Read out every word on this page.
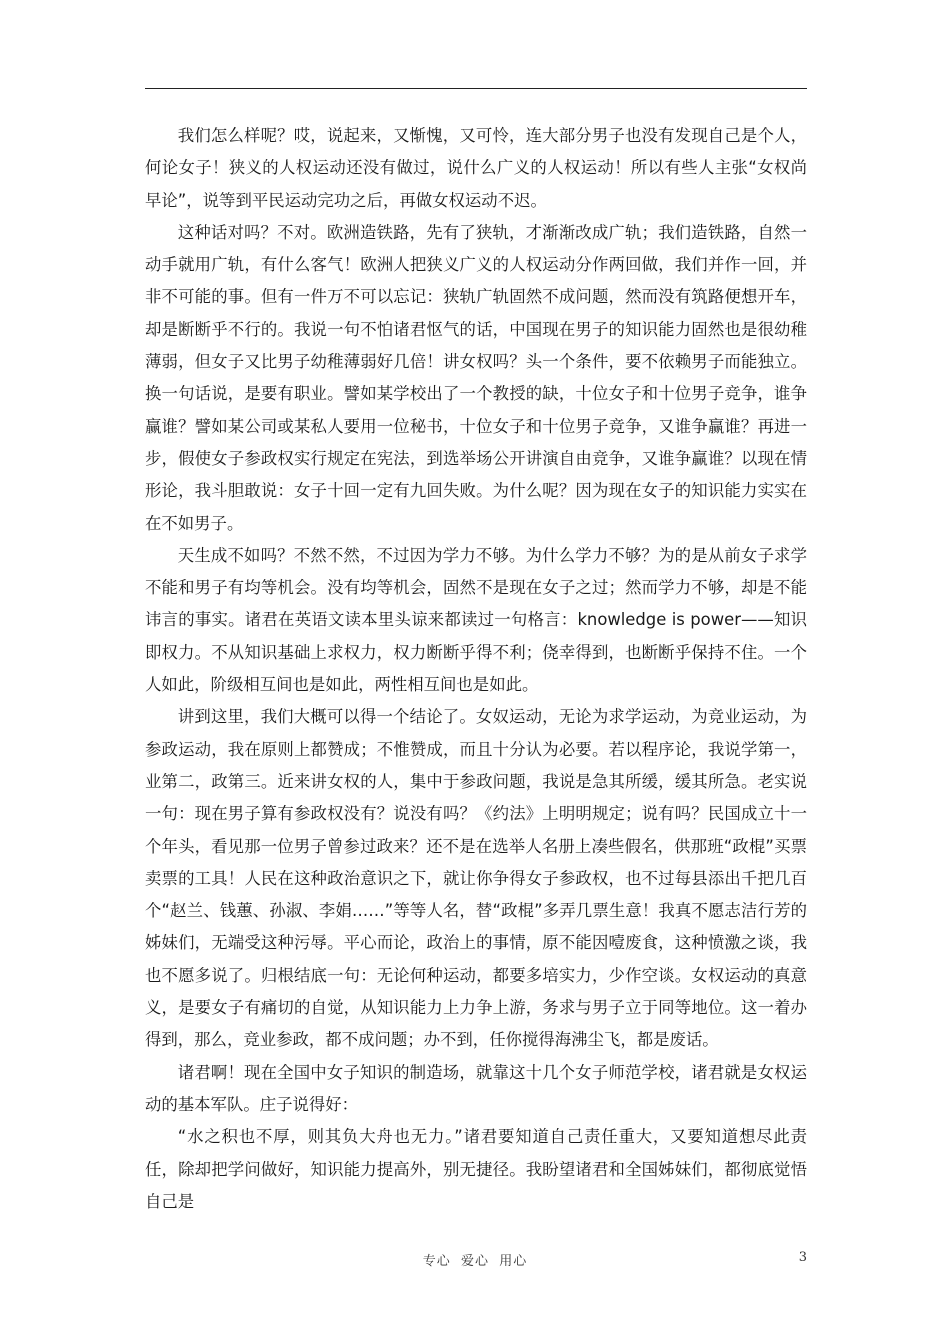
我们怎么样呢？哎，说起来，又惭愧，又可怜，连大部分男子也没有发现自己是个人，何论女子！狭义的人权运动还没有做过，说什么广义的人权运动！所以有些人主张“女权尚早论”，说等到平民运动完功之后，再做女权运动不迟。

这种话对吗？不对。欧洲造铁路，先有了狭轨，才渐渐改成广轨；我们造铁路，自然一动手就用广轨，有什么客气！欧洲人把狭义广义的人权运动分作两回做，我们并作一回，并非不可能的事。但有一件万不可以忘记：狭轨广轨固然不成问题，然而没有筑路便想开车，却是断断乎不行的。我说一句不怕诸君怄气的话，中国现在男子的知识能力固然也是很幼稚薄弱，但女子又比男子幼稚薄弱好几倍！讲女权吗？头一个条件，要不依赖男子而能独立。换一句话说，是要有职业。譬如某学校出了一个教授的缺，十位女子和十位男子竞争，谁争赢谁？譬如某公司或某私人要用一位秘书，十位女子和十位男子竞争，又谁争赢谁？再进一步，假使女子参政权实行规定在宪法，到选举场公开讲演自由竞争，又谁争赢谁？以现在情形论，我斗胆敢说：女子十回一定有九回失败。为什么呢？因为现在女子的知识能力实实在在不如男子。

天生成不如吗？不然不然，不过因为学力不够。为什么学力不够？为的是从前女子求学不能和男子有均等机会。没有均等机会，固然不是现在女子之过；然而学力不够，却是不能讳言的事实。诸君在英语文读本里头谅来都读过一句格言：knowledge is power——知识即权力。不从知识基础上求权力，权力断断乎得不利；侥幸得到，也断断乎保持不住。一个人如此，阶级相互间也是如此，两性相互间也是如此。

讲到这里，我们大概可以得一个结论了。女奴运动，无论为求学运动，为竞业运动，为参政运动，我在原则上都赞成；不惟赞成，而且十分认为必要。若以程序论，我说学第一，业第二，政第三。近来讲女权的人，集中于参政问题，我说是急其所缓，缓其所急。老实说一句：现在男子算有参政权没有？说没有吗？《约法》上明明规定；说有吗？民国成立十一个年头，看见那一位男子曾参过政来？还不是在选举人名册上凑些假名，供那班“政棍”买票卖票的工具！人民在这种政治意识之下，就让你争得女子参政权，也不过每县添出千把几百个“赵兰、钱蕙、孙淑、李娟……”等等人名，替“政棍”多弄几票生意！我真不愿志洁行芳的姊妹们，无端受这种污辱。平心而论，政治上的事情，原不能因噎废食，这种愤激之谈，我也不愿多说了。归根结底一句：无论何种运动，都要多培实力，少作空谈。女权运动的真意义，是要女子有痛切的自觉，从知识能力上力争上游，务求与男子立于同等地位。这一着办得到，那么，竞业参政，都不成问题；办不到，任你搅得海沸尘飞，都是废话。

诸君啊！现在全国中女子知识的制造场，就靠这十几个女子师范学校，诸君就是女权运动的基本军队。庄子说得好：

“水之积也不厚，则其负大舟也无力。”诸君要知道自己责任重大，又要知道想尽此责任，除却把学问做好，知识能力提高外，别无捷径。我盼望诸君和全国姊妹们，都彻底觉悟自己是

专心  爱心  用心	3
